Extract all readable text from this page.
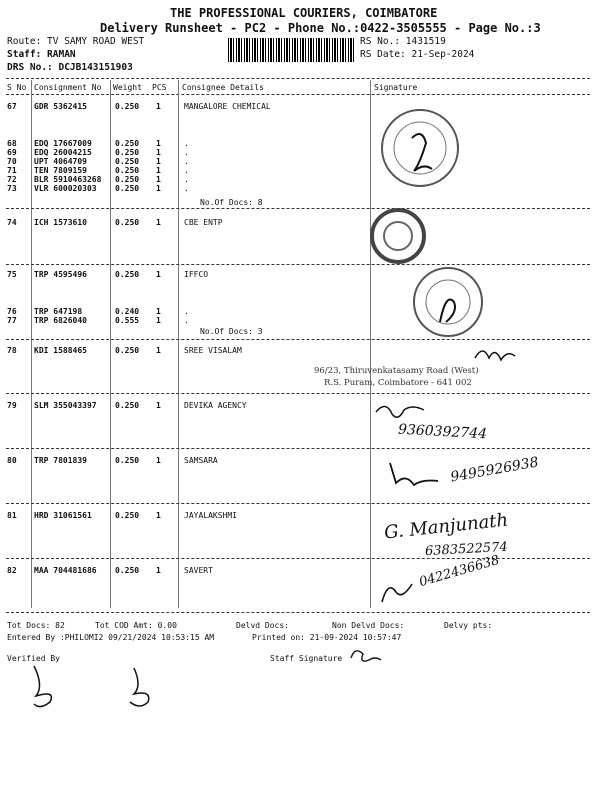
THE PROFESSIONAL COURIERS, COIMBATORE
Delivery Runsheet - PC2 - Phone No.:0422-3505555 - Page No.:3
Route: TV SAMY ROAD WEST
Staff: RAMAN
DRS No.: DCJB143151903
RS No.: 1431519
RS Date: 21-Sep-2024
S No Consignment No Weight PCS Consignee Details	Signature
67 GDR 5362415	0.250 1	MANGALORE CHEMICAL
68 EDQ 17667009	0.250 1	.
69 EDQ 26004215	0.250 1	.
70 UPT 4064709	0.250 1	.
71 TEN 7809159	0.250 1	.
72 BLR 5910463268 0.250 1	.
73 VLR 600020303 0.250 1	.
74 ICH 1573610	0.250 1	CBE ENTP
75 TRP 4595496	0.250 1	IFFCO
76 TRP 647198	0.240 1	.
77 TRP 6826040	0.555 1	.
78 KDI 1588465	0.250 1	SREE VISALAM
79 SLM 355043397 0.250 1	DEVIKA AGENCY
80 TRP 7801839	0.250 1	SAMSARA
81 HRD 31061561	0.250 1	JAYALAKSHMI
82 MAA 704481686 0.250 1	SAVERT
No.Of Docs: 8
No.Of Docs: 3
96/23, Thiruvenkatasamy Road (West)
R.S. Puram, Coimbatore - 641 002
9360392744
9495926938
G. Manjunath
6383522574
0422436638
Tot Docs: 82	Tot COD Amt: 0.00	Delvd Docs:	Non Delvd Docs:	Delvy pts:
Entered By :PHILOMI2 09/21/2024 10:53:15 AM	Printed on: 21-09-2024 10:57:47
Verified By	Staff Signature
